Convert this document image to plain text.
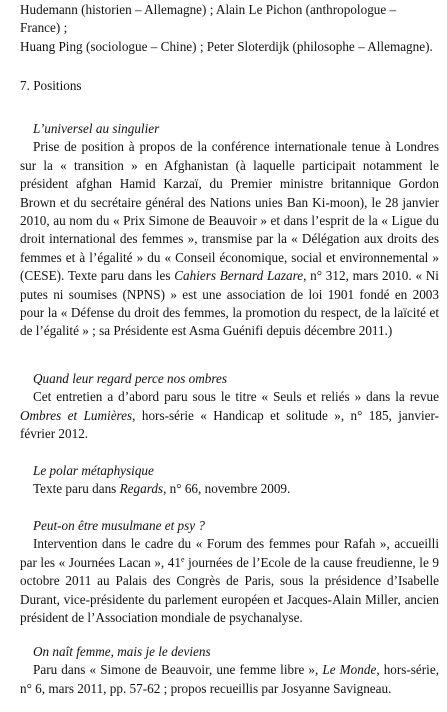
Hudemann (historien – Allemagne) ; Alain Le Pichon (anthropologue – France) ;

Huang Ping (sociologue – Chine) ; Peter Sloterdijk (philosophe – Allemagne).

7. Positions

L’universel au singulier

Prise de position à propos de la conférence internationale tenue à Londres sur la « transition » en Afghanistan (à laquelle participait notamment le président afghan Hamid Karzaï, du Premier ministre britannique Gordon Brown et du secrétaire général des Nations unies Ban Ki-moon), le 28 janvier 2010, au nom du « Prix Simone de Beauvoir » et dans l’esprit de la « Ligue du droit international des femmes », transmise par la « Délégation aux droits des femmes et à l’égalité » du « Conseil économique, social et environnemental » (CESE). Texte paru dans les Cahiers Bernard Lazare, n° 312, mars 2010. « Ni putes ni soumises (NPNS) » est une association de loi 1901 fondé en 2003 pour la « Défense du droit des femmes, la promotion du respect, de la laïcité et de l’égalité » ; sa Présidente est Asma Guénifi depuis décembre 2011.)

Quand leur regard perce nos ombres

Cet entretien a d’abord paru sous le titre « Seuls et reliés » dans la revue Ombres et Lumières, hors-série « Handicap et solitude », n° 185, janvier-février 2012.

Le polar métaphysique

Texte paru dans Regards, n° 66, novembre 2009.

Peut-on être musulmane et psy ?

Intervention dans le cadre du « Forum des femmes pour Rafah », accueilli par les « Journées Lacan », 41e journées de l’Ecole de la cause freudienne, le 9 octobre 2011 au Palais des Congrès de Paris, sous la présidence d’Isabelle Durant, vice-présidente du parlement européen et Jacques-Alain Miller, ancien président de l’Association mondiale de psychanalyse.

On naît femme, mais je le deviens

Paru dans « Simone de Beauvoir, une femme libre », Le Monde, hors-série, n° 6, mars 2011, pp. 57-62 ; propos recueillis par Josyanne Savigneau.
